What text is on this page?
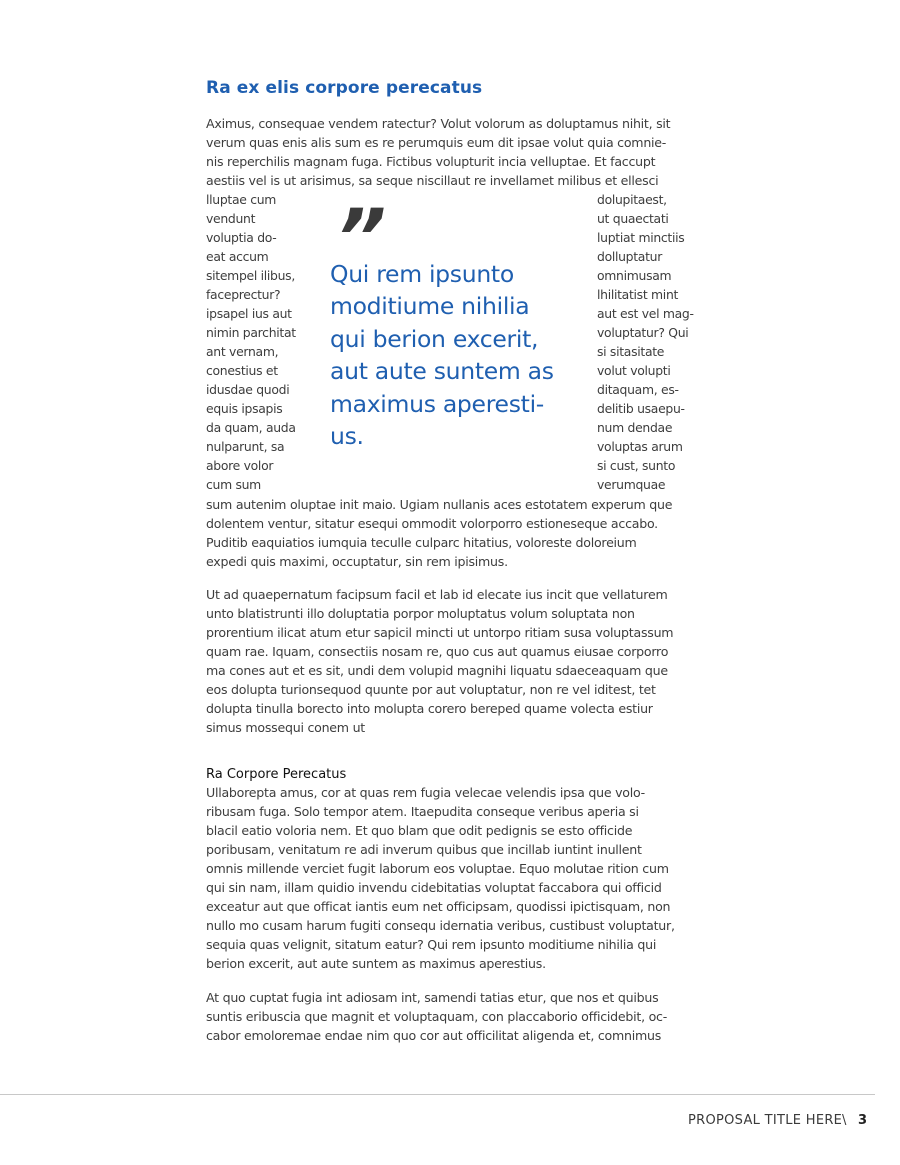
Ra ex elis corpore perecatus
Aximus, consequae vendem ratectur? Volut volorum as doluptamus nihit, sit
verum quas enis alis sum es re perumquis eum dit ipsae volut quia comnie-
nis reperchilis magnam fuga. Fictibus volupturit incia velluptae. Et faccupt
aestiis vel is ut arisimus, sa seque niscillaut re invellamet milibus et ellesci
lluptae cum
vendunt
voluptia do-
eat accum
sitempel ilibus,
faceprectur?
ipsapel ius aut
nimin parchitat
ant vernam,
conestius et
idusdae quodi
equis ipsapis
da quam, auda
nulparunt, sa
abore volor
cum sum
”
Qui rem ipsunto
moditiume nihilia
qui berion excerit,
aut aute suntem as
maximus aperesti-
us.
dolupitaest,
ut quaectati
luptiat minctiis
dolluptatur
omnimusam
lhilitatist mint
aut est vel mag-
voluptatur? Qui
si sitasitate
volut volupti
ditaquam, es-
delitib usaepu-
num dendae
voluptas arum
si cust, sunto
verumquae
sum autenim oluptae init maio. Ugiam nullanis aces estotatem experum que
dolentem ventur, sitatur esequi ommodit volorporro estioneseque accabo.
Puditib eaquiatios iumquia teculle culparc hitatius, voloreste doloreium
expedi quis maximi, occuptatur, sin rem ipisimus.
Ut ad quaepernatum facipsum facil et lab id elecate ius incit que vellaturem
unto blatistrunti illo doluptatia porpor moluptatus volum soluptata non
prorentium ilicat atum etur sapicil mincti ut untorpo ritiam susa voluptassum
quam rae. Iquam, consectiis nosam re, quo cus aut quamus eiusae corporro
ma cones aut et es sit, undi dem volupid magnihi liquatu sdaeceaquam que
eos dolupta turionsequod quunte por aut voluptatur, non re vel iditest, tet
dolupta tinulla borecto into molupta corero bereped quame volecta estiur
simus mossequi conem ut
Ra Corpore Perecatus
Ullaborepta amus, cor at quas rem fugia velecae velendis ipsa que volo-
ribusam fuga. Solo tempor atem. Itaepudita conseque veribus aperia si
blacil eatio voloria nem. Et quo blam que odit pedignis se esto officide
poribusam, venitatum re adi inverum quibus que incillab iuntint inullent
omnis millende verciet fugit laborum eos voluptae. Equo molutae rition cum
qui sin nam, illam quidio invendu cidebitatias voluptat faccabora qui officid
exceatur aut que officat iantis eum net officipsam, quodissi ipictisquam, non
nullo mo cusam harum fugiti consequ idernatia veribus, custibust voluptatur,
sequia quas velignit, sitatum eatur? Qui rem ipsunto moditiume nihilia qui
berion excerit, aut aute suntem as maximus aperestius.
At quo cuptat fugia int adiosam int, samendi tatias etur, que nos et quibus
suntis eribuscia que magnit et voluptaquam, con placcaborio officidebit, oc-
cabor emoloremae endae nim quo cor aut officilitat aligenda et, comnimus
PROPOSAL TITLE HERE \ 3
